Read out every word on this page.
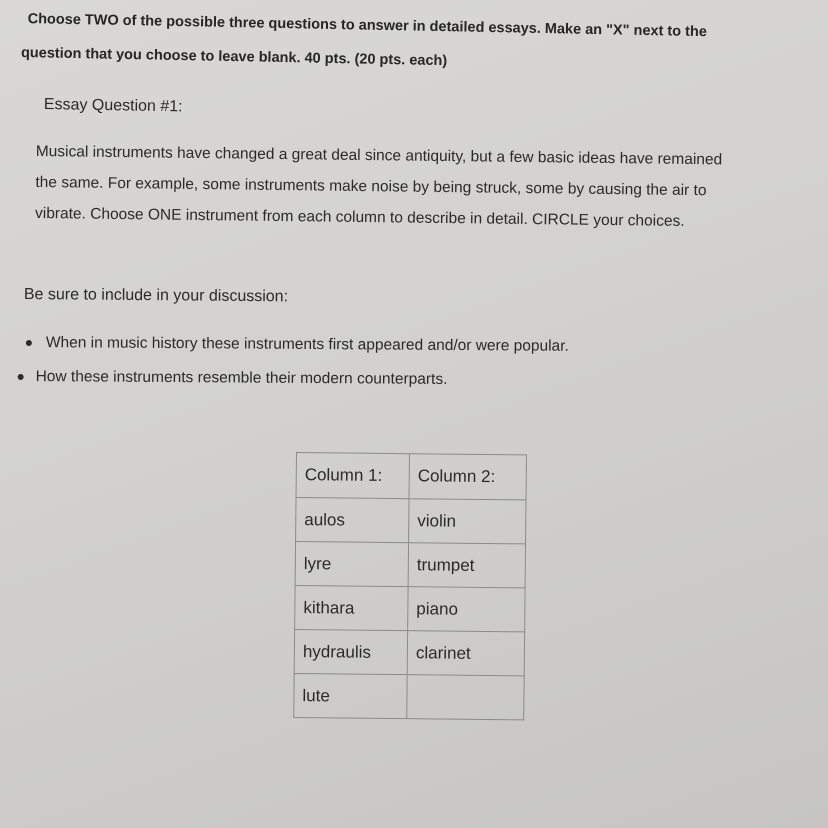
Choose TWO of the possible three questions to answer in detailed essays. Make an "X" next to the
question that you choose to leave blank. 40 pts. (20 pts. each)
Essay Question #1:
Musical instruments have changed a great deal since antiquity, but a few basic ideas have remained
the same. For example, some instruments make noise by being struck, some by causing the air to
vibrate. Choose ONE instrument from each column to describe in detail. CIRCLE your choices.
Be sure to include in your discussion:
When in music history these instruments first appeared and/or were popular.
How these instruments resemble their modern counterparts.
Column 1:	Column 2:
aulos	violin
lyre	trumpet
kithara	piano
hydraulis	clarinet
lute	
